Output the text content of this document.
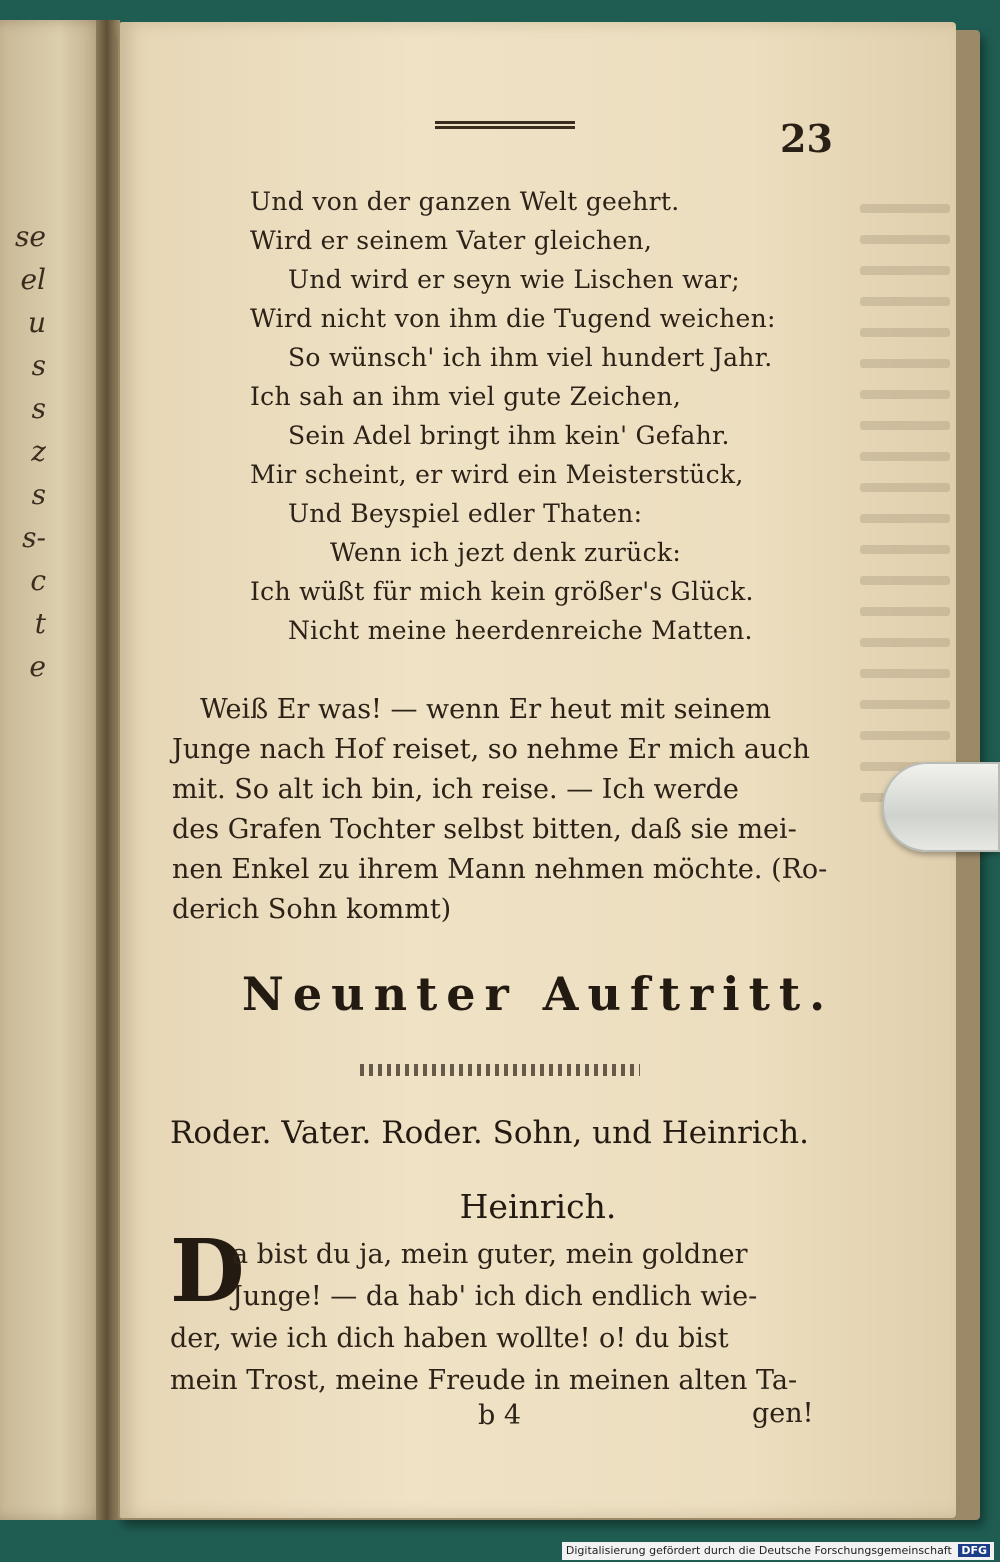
se
el
u
s
s
z
s
s-
c
t
e
23
Und von der ganzen Welt geehrt.
Wird er seinem Vater gleichen,
Und wird er seyn wie Lischen war;
Wird nicht von ihm die Tugend weichen:
So wünsch' ich ihm viel hundert Jahr.
Ich sah an ihm viel gute Zeichen,
Sein Adel bringt ihm kein' Gefahr.
Mir scheint, er wird ein Meisterstück,
Und Beyspiel edler Thaten:
Wenn ich jezt denk zurück:
Ich wüßt für mich kein größer's Glück.
Nicht meine heerdenreiche Matten.
Weiß Er was! — wenn Er heut mit seinem
Junge nach Hof reiset, so nehme Er mich auch
mit. So alt ich bin, ich reise. — Ich werde
des Grafen Tochter selbst bitten, daß sie mei-
nen Enkel zu ihrem Mann nehmen möchte. (Ro-
derich Sohn kommt)
Neunter Auftritt.
Roder. Vater. Roder. Sohn, und Heinrich.
Heinrich.
D
a bist du ja, mein guter, mein goldner
Junge! — da hab' ich dich endlich wie-
der, wie ich dich haben wollte! o! du bist
mein Trost, meine Freude in meinen alten Ta-
b 4	gen!
Digitalisierung gefördert durch die Deutsche Forschungsgemeinschaft DFG
